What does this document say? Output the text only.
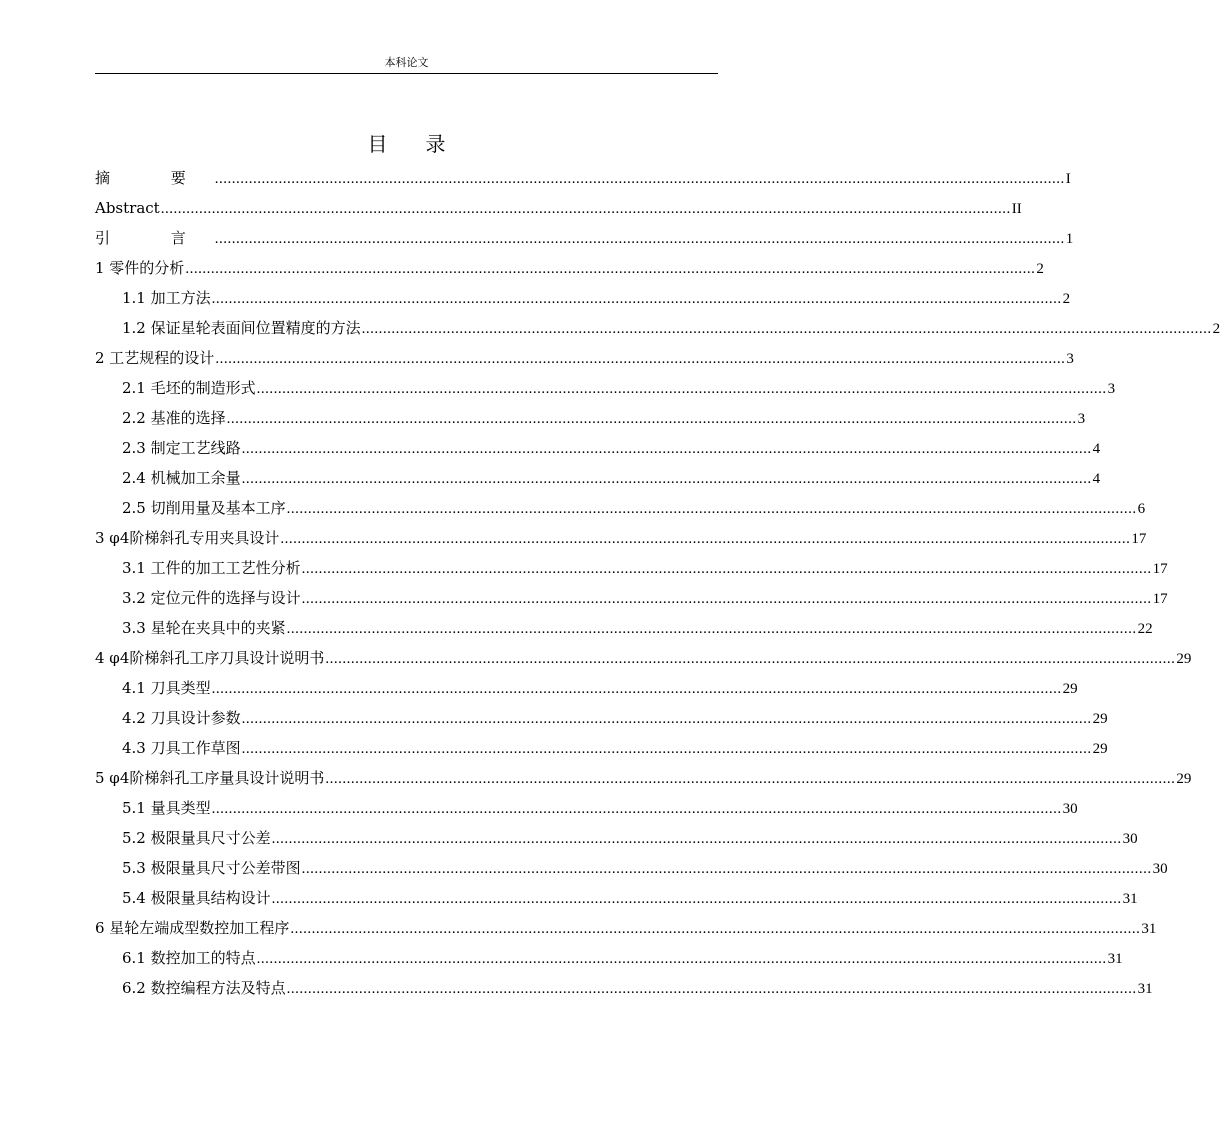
本科论文
目录
摘 要 ........................................................................................................................................................................................................ I
Abstract ........................................................................................................................................................................................................ II
引 言 ........................................................................................................................................................................................................ 1
1 零件的分析 ........................................................................................................................................................................................................ 2
1.1 加工方法 ........................................................................................................................................................................................................ 2
1.2 保证星轮表面间位置精度的方法 ........................................................................................................................................................................................................ 2
2 工艺规程的设计 ........................................................................................................................................................................................................ 3
2.1 毛坯的制造形式 ........................................................................................................................................................................................................ 3
2.2 基准的选择 ........................................................................................................................................................................................................ 3
2.3 制定工艺线路 ........................................................................................................................................................................................................ 4
2.4 机械加工余量 ........................................................................................................................................................................................................ 4
2.5 切削用量及基本工序 ........................................................................................................................................................................................................ 6
3 φ4阶梯斜孔专用夹具设计 ........................................................................................................................................................................................................ 17
3.1 工件的加工工艺性分析 ........................................................................................................................................................................................................ 17
3.2 定位元件的选择与设计 ........................................................................................................................................................................................................ 17
3.3 星轮在夹具中的夹紧 ........................................................................................................................................................................................................ 22
4 φ4阶梯斜孔工序刀具设计说明书 ........................................................................................................................................................................................................ 29
4.1 刀具类型 ........................................................................................................................................................................................................ 29
4.2 刀具设计参数 ........................................................................................................................................................................................................ 29
4.3 刀具工作草图 ........................................................................................................................................................................................................ 29
5 φ4阶梯斜孔工序量具设计说明书 ........................................................................................................................................................................................................ 29
5.1 量具类型 ........................................................................................................................................................................................................ 30
5.2 极限量具尺寸公差 ........................................................................................................................................................................................................ 30
5.3 极限量具尺寸公差带图 ........................................................................................................................................................................................................ 30
5.4 极限量具结构设计 ........................................................................................................................................................................................................ 31
6 星轮左端成型数控加工程序 ........................................................................................................................................................................................................ 31
6.1 数控加工的特点 ........................................................................................................................................................................................................ 31
6.2 数控编程方法及特点 ........................................................................................................................................................................................................ 31
